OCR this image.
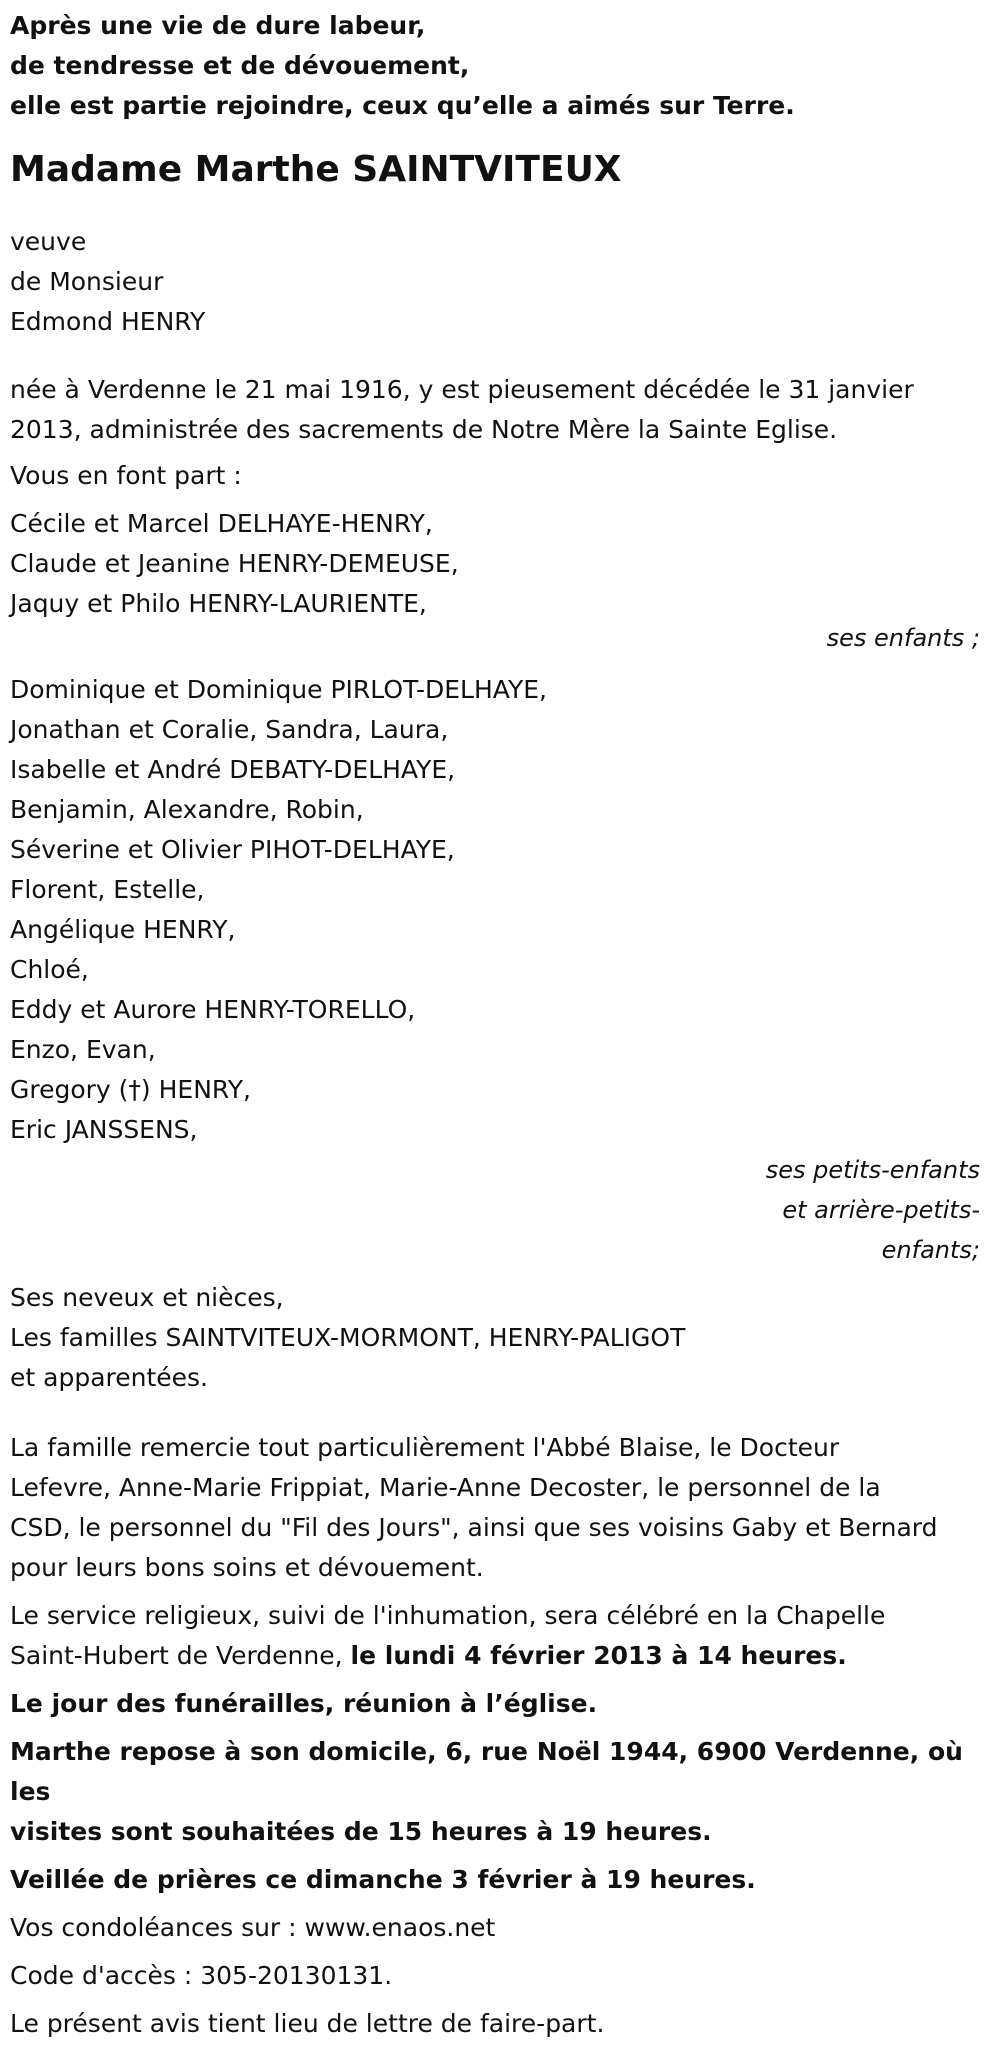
Après une vie de dure labeur,
de tendresse et de dévouement,
elle est partie rejoindre, ceux qu’elle a aimés sur Terre.
Madame Marthe SAINTVITEUX
veuve
de Monsieur
Edmond HENRY
née à Verdenne le 21 mai 1916, y est pieusement décédée le 31 janvier
2013, administrée des sacrements de Notre Mère la Sainte Eglise.
Vous en font part :
Cécile et Marcel DELHAYE-HENRY,
Claude et Jeanine HENRY-DEMEUSE,
Jaquy et Philo HENRY-LAURIENTE,
ses enfants ;
Dominique et Dominique PIRLOT-DELHAYE,
Jonathan et Coralie, Sandra, Laura,
Isabelle et André DEBATY-DELHAYE,
Benjamin, Alexandre, Robin,
Séverine et Olivier PIHOT-DELHAYE,
Florent, Estelle,
Angélique HENRY,
Chloé,
Eddy et Aurore HENRY-TORELLO,
Enzo, Evan,
Gregory (†) HENRY,
Eric JANSSENS,
ses petits-enfants
et arrière-petits-
enfants;
Ses neveux et nièces,
Les familles SAINTVITEUX-MORMONT, HENRY-PALIGOT
et apparentées.
La famille remercie tout particulièrement l'Abbé Blaise, le Docteur
Lefevre, Anne-Marie Frippiat, Marie-Anne Decoster, le personnel de la
CSD, le personnel du "Fil des Jours", ainsi que ses voisins Gaby et Bernard
pour leurs bons soins et dévouement.
Le service religieux, suivi de l'inhumation, sera célébré en la Chapelle
Saint-Hubert de Verdenne, le lundi 4 février 2013 à 14 heures.
Le jour des funérailles, réunion à l’église.
Marthe repose à son domicile, 6, rue Noël 1944, 6900 Verdenne, où les
visites sont souhaitées de 15 heures à 19 heures.
Veillée de prières ce dimanche 3 février à 19 heures.
Vos condoléances sur : www.enaos.net
Code d'accès : 305-20130131.
Le présent avis tient lieu de lettre de faire-part.
